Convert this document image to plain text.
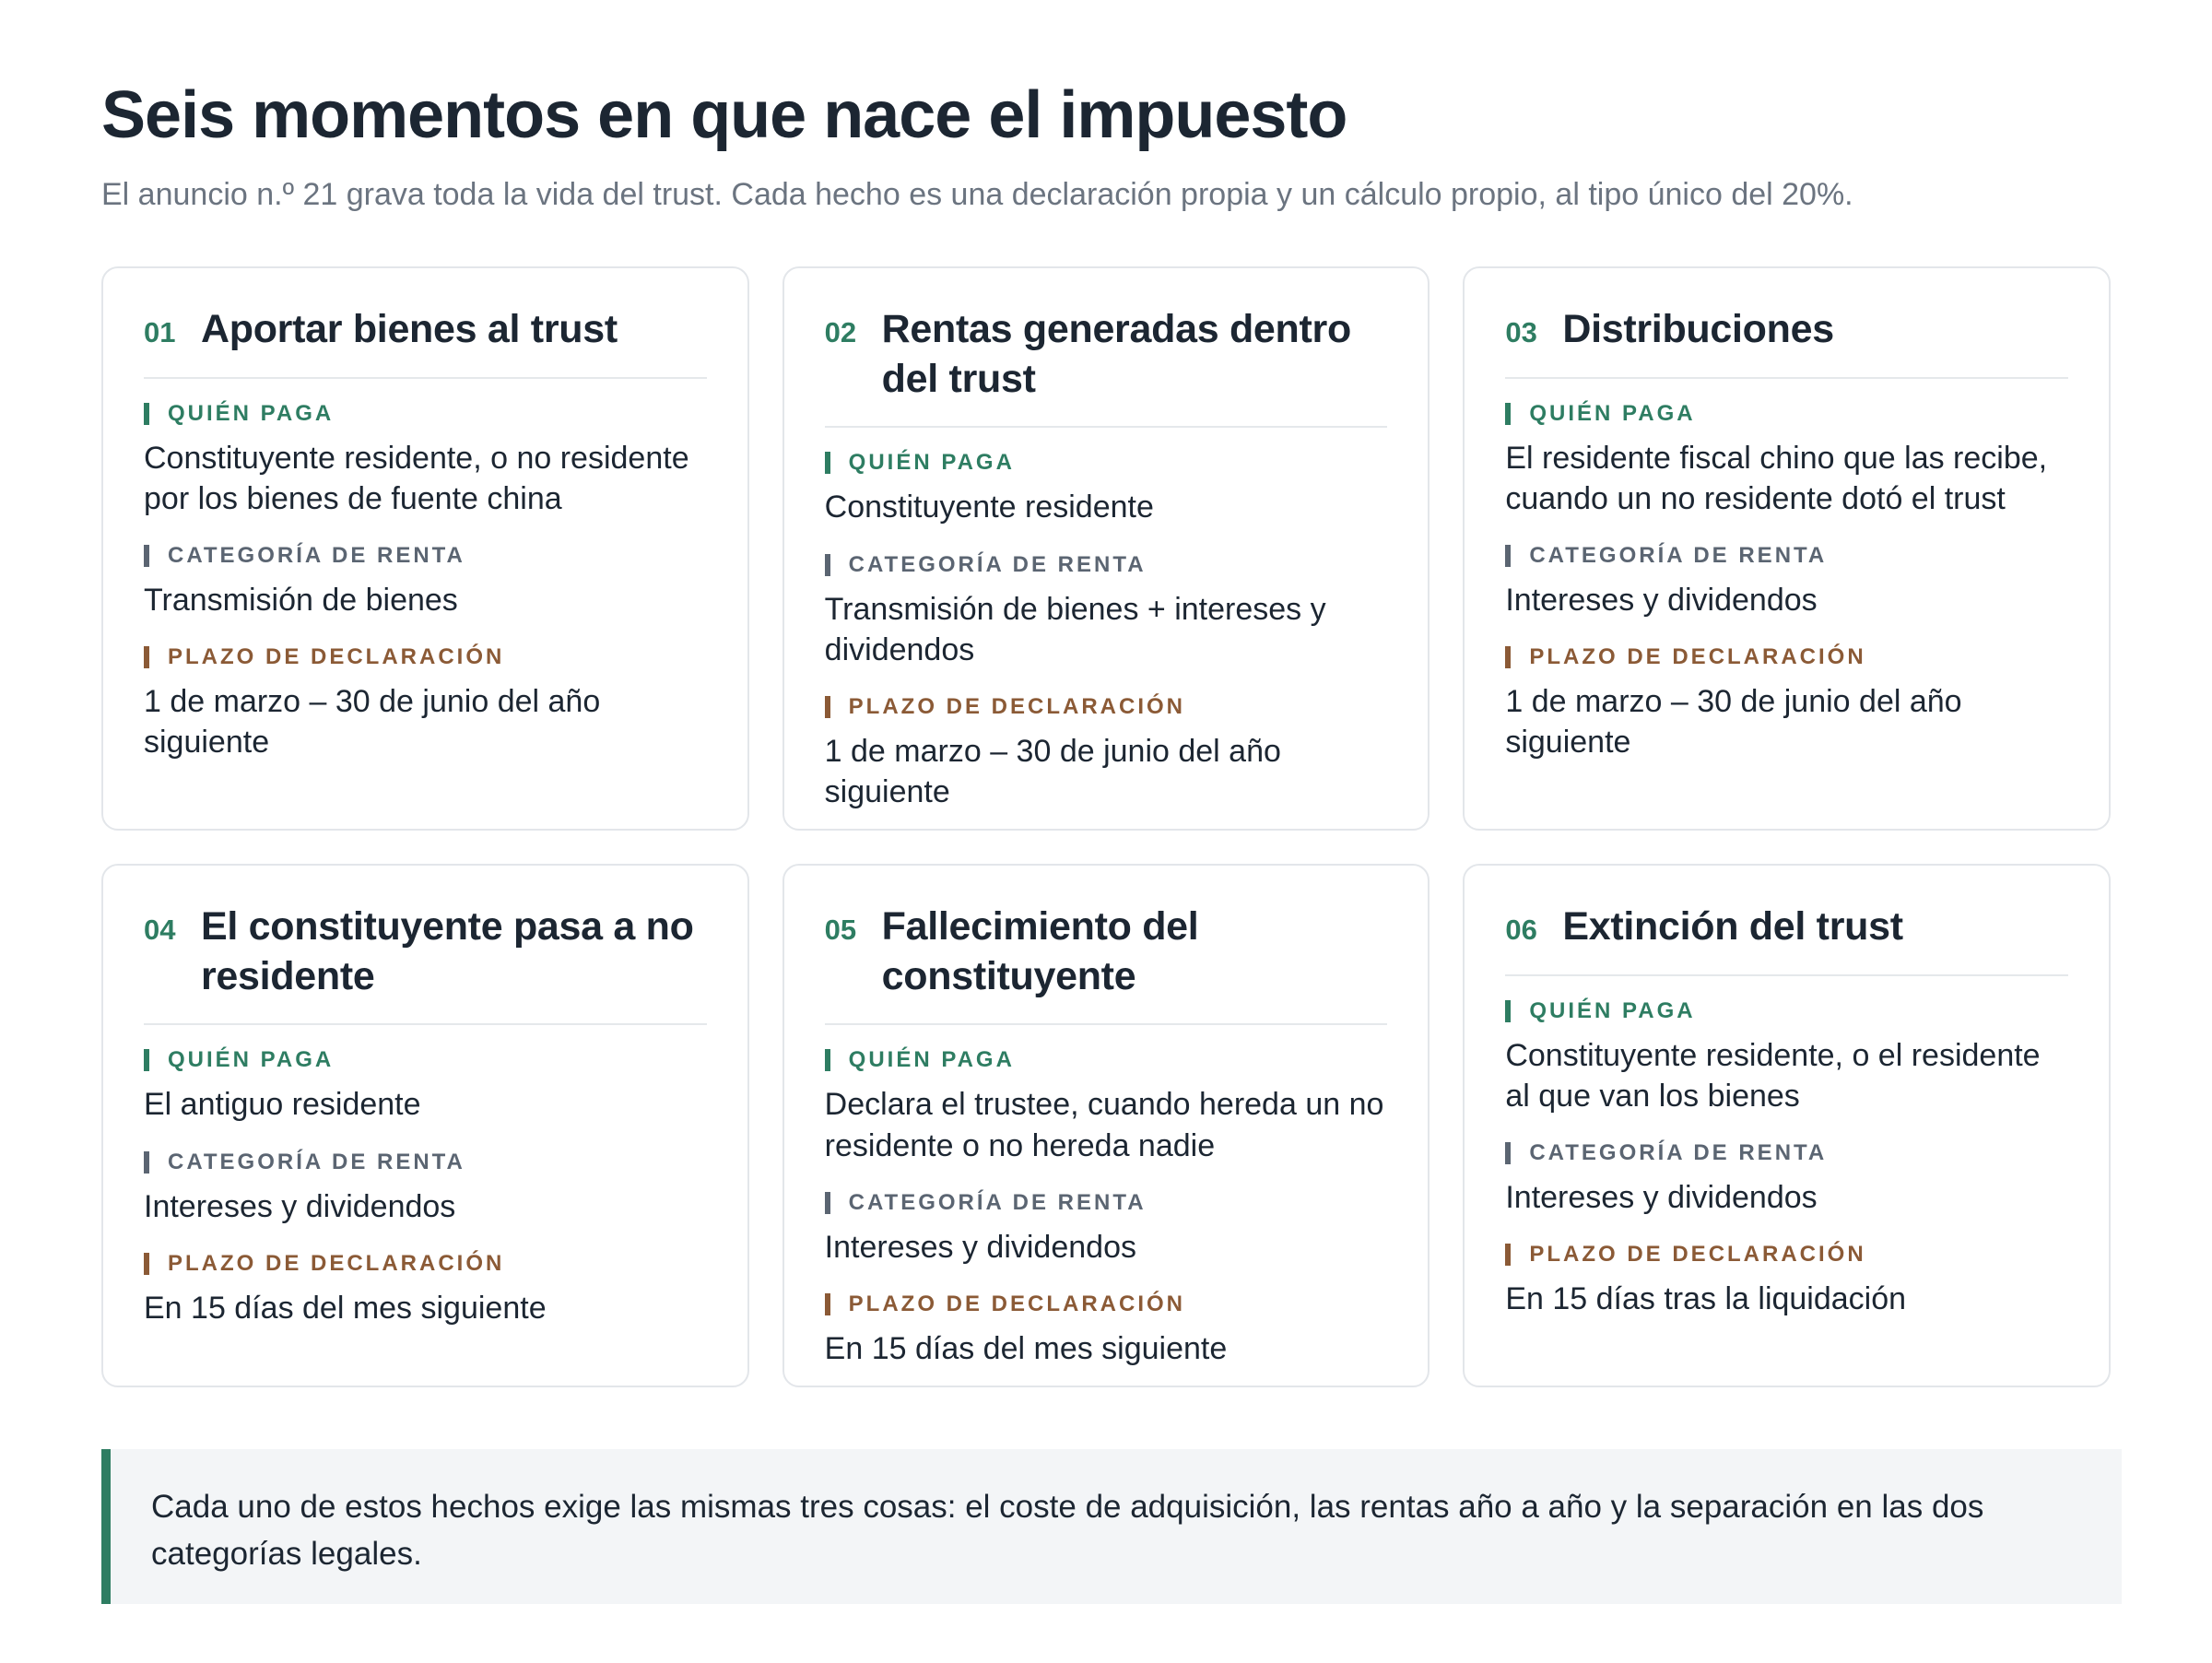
Seis momentos en que nace el impuesto

El anuncio n.º 21 grava toda la vida del trust. Cada hecho es una declaración propia y un cálculo propio, al tipo único del 20%.

01 Aportar bienes al trust
QUIÉN PAGA
Constituyente residente, o no residente por los bienes de fuente china
CATEGORÍA DE RENTA
Transmisión de bienes
PLAZO DE DECLARACIÓN
1 de marzo – 30 de junio del año siguiente
02 Rentas generadas dentro del trust
QUIÉN PAGA
Constituyente residente
CATEGORÍA DE RENTA
Transmisión de bienes + intereses y dividendos
PLAZO DE DECLARACIÓN
1 de marzo – 30 de junio del año siguiente
03 Distribuciones
QUIÉN PAGA
El residente fiscal chino que las recibe, cuando un no residente dotó el trust
CATEGORÍA DE RENTA
Intereses y dividendos
PLAZO DE DECLARACIÓN
1 de marzo – 30 de junio del año siguiente
04 El constituyente pasa a no residente
QUIÉN PAGA
El antiguo residente
CATEGORÍA DE RENTA
Intereses y dividendos
PLAZO DE DECLARACIÓN
En 15 días del mes siguiente
05 Fallecimiento del constituyente
QUIÉN PAGA
Declara el trustee, cuando hereda un no residente o no hereda nadie
CATEGORÍA DE RENTA
Intereses y dividendos
PLAZO DE DECLARACIÓN
En 15 días del mes siguiente
06 Extinción del trust
QUIÉN PAGA
Constituyente residente, o el residente al que van los bienes
CATEGORÍA DE RENTA
Intereses y dividendos
PLAZO DE DECLARACIÓN
En 15 días tras la liquidación
Cada uno de estos hechos exige las mismas tres cosas: el coste de adquisición, las rentas año a año y la separación en las dos categorías legales.
